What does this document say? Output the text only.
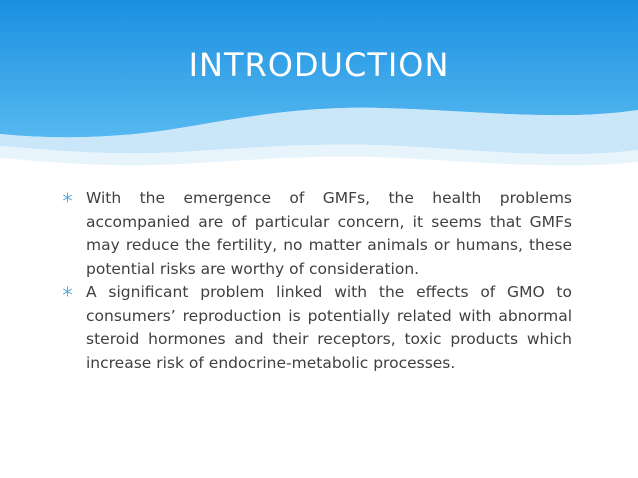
INTRODUCTION

With the emergence of GMFs, the health problems accompanied are of particular concern, it seems that GMFs may reduce the fertility, no matter animals or humans, these potential risks are worthy of consideration.

A significant problem linked with the effects of GMO to consumers’ reproduction is potentially related with abnormal steroid hormones and their receptors, toxic products which increase risk of endocrine-metabolic processes.
